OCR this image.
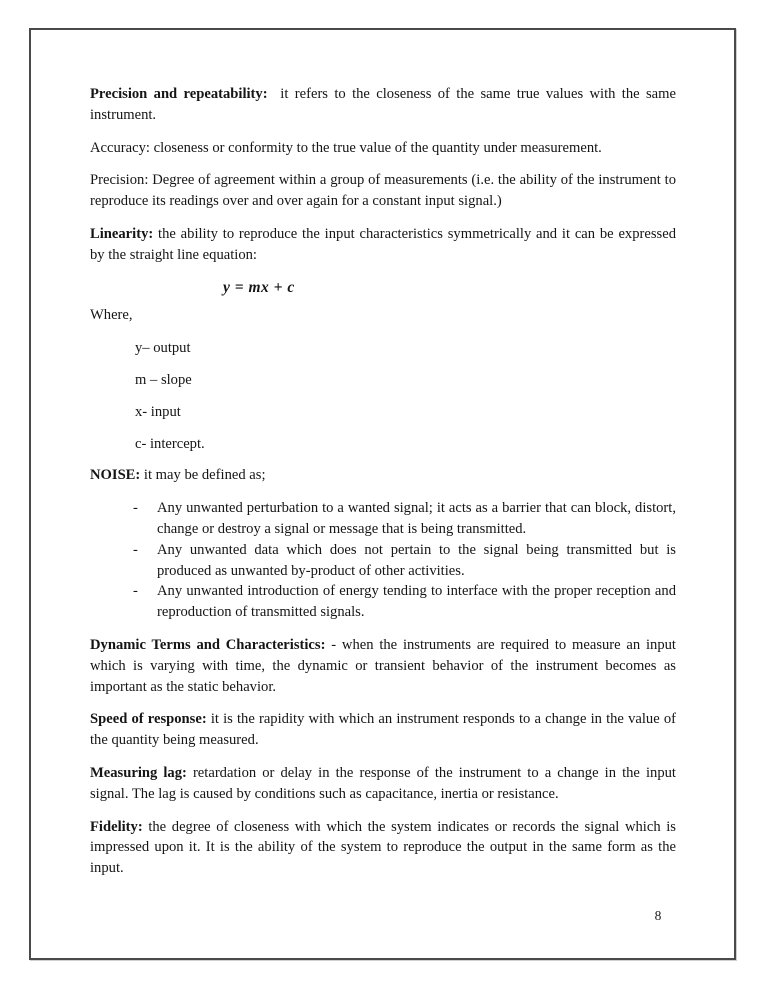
Precision and repeatability:  it refers to the closeness of the same true values with the same instrument.

Accuracy: closeness or conformity to the true value of the quantity under measurement.

Precision: Degree of agreement within a group of measurements (i.e. the ability of the instrument to reproduce its readings over and over again for a constant input signal.)

Linearity: the ability to reproduce the input characteristics symmetrically and it can be expressed by the straight line equation:

y = mx + c

Where,

y– output

m – slope

x- input

c- intercept.

NOISE: it may be defined as;

-	Any unwanted perturbation to a wanted signal; it acts as a barrier that can block, distort, change or destroy a signal or message that is being transmitted.
-	Any unwanted data which does not pertain to the signal being transmitted but is produced as unwanted by-product of other activities.
-	Any unwanted introduction of energy tending to interface with the proper reception and reproduction of transmitted signals.

Dynamic Terms and Characteristics: - when the instruments are required to measure an input which is varying with time, the dynamic or transient behavior of the instrument becomes as important as the static behavior.

Speed of response: it is the rapidity with which an instrument responds to a change in the value of the quantity being measured.

Measuring lag: retardation or delay in the response of the instrument to a change in the input signal. The lag is caused by conditions such as capacitance, inertia or resistance.

Fidelity: the degree of closeness with which the system indicates or records the signal which is impressed upon it. It is the ability of the system to reproduce the output in the same form as the input.

8
